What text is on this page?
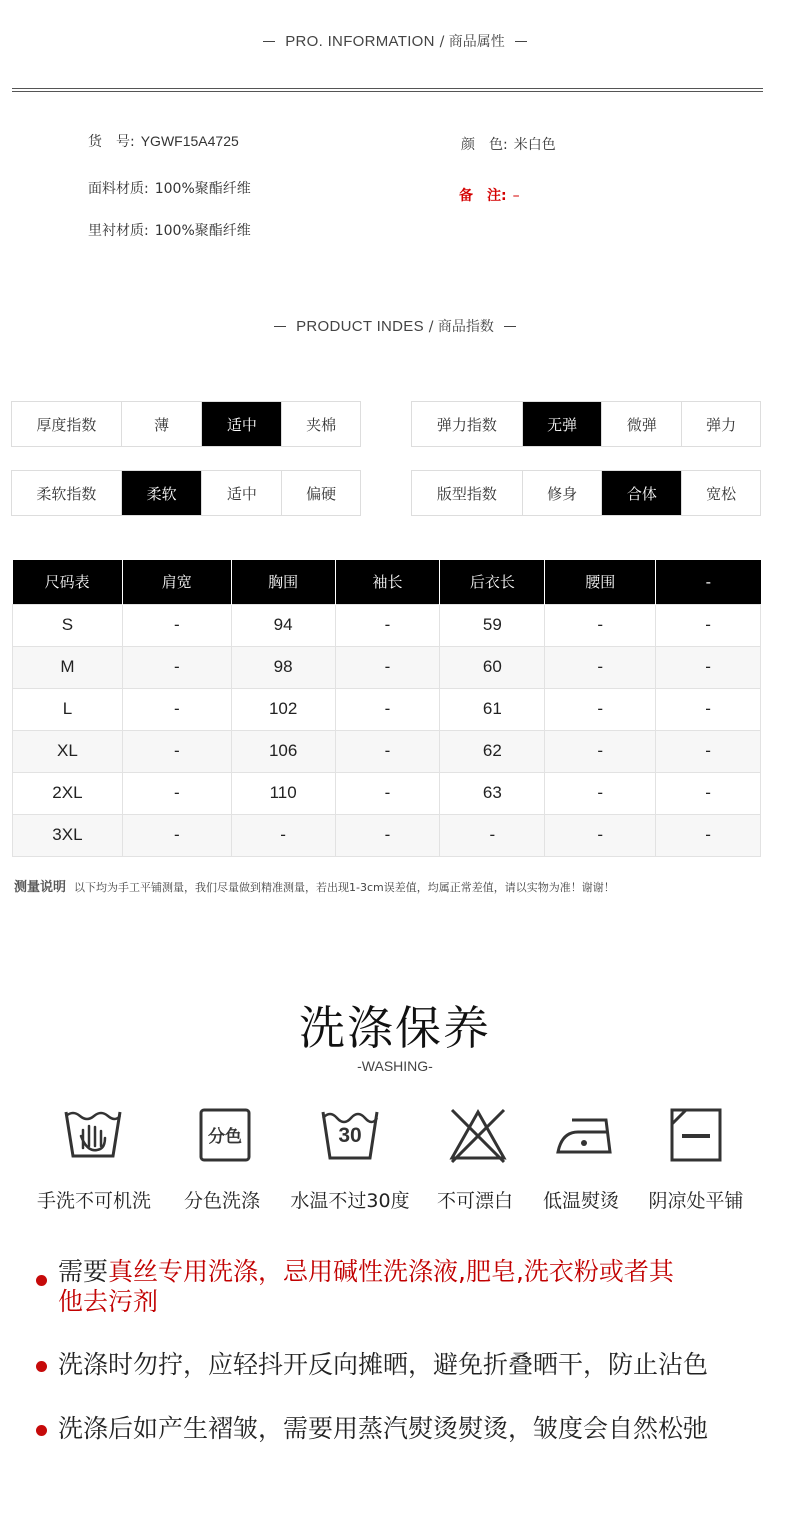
PRO. INFORMATION / 商品属性
货　号: YGWF15A4725	颜　色: 米白色
面料材质: 100%聚酯纤维	备　注: –
里衬材质: 100%聚酯纤维
PRODUCT INDES / 商品指数
厚度指数	薄	适中	夹棉	弹力指数	无弹	微弹	弹力
柔软指数	柔软	适中	偏硬	版型指数	修身	合体	宽松
尺码表	肩宽	胸围	袖长	后衣长	腰围	-
S	-	94	-	59	-	-
M	-	98	-	60	-	-
L	-	102	-	61	-	-
XL	-	106	-	62	-	-
2XL	-	110	-	63	-	-
3XL	-	-	-	-	-	-
测量说明 以下均为手工平铺测量，我们尽量做到精准测量，若出现1-3cm误差值，均属正常差值，请以实物为准！谢谢！
洗涤保养
-WASHING-
分色	30
手洗不可机洗	分色洗涤	水温不过30度	不可漂白	低温熨烫	阴凉处平铺
需要真丝专用洗涤，忌用碱性洗涤液,肥皂,洗衣粉或者其他去污剂
洗涤时勿拧，应轻抖开反向摊晒，避免折叠晒干，防止沾色
洗涤后如产生褶皱，需要用蒸汽熨烫熨烫，皱度会自然松弛
